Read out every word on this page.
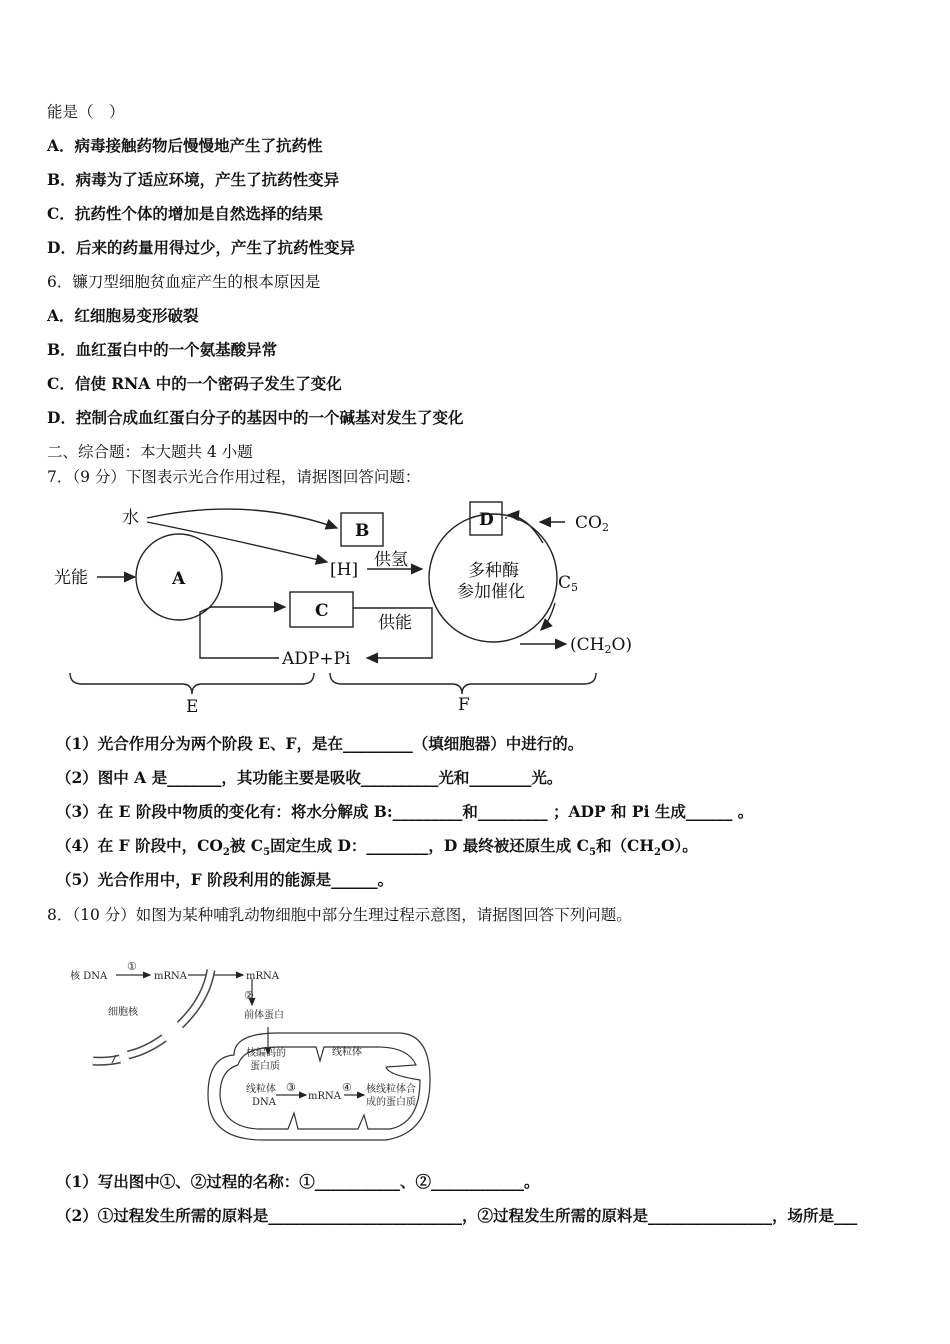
能是（　）
A．病毒接触药物后慢慢地产生了抗药性
B．病毒为了适应环境，产生了抗药性变异
C．抗药性个体的增加是自然选择的结果
D．后来的药量用得过少，产生了抗药性变异
6．镰刀型细胞贫血症产生的根本原因是
A．红细胞易变形破裂
B．血红蛋白中的一个氨基酸异常
C．信使 RNA 中的一个密码子发生了变化
D．控制合成血红蛋白分子的基因中的一个碱基对发生了变化
二、综合题：本大题共 4 小题
7．（9 分）下图表示光合作用过程，请据图回答问题：
水
光能	A
B
C
D
[H] 供氢
供能
ADP+Pi
多种酶
参加催化
CO2
C5
(CH2O)
E	F
（1）光合作用分为两个阶段 E、F，是在_________（填细胞器）中进行的。
（2）图中 A 是_______，其功能主要是吸收__________光和________光。
（3）在 E 阶段中物质的变化有：将水分解成 B:_________和_________ ；ADP 和 Pi 生成______ 。
（4）在 F 阶段中，$CO_2$被 $C_5$固定生成 D：________，D 最终被还原生成 $C_5$和$(CH_2O)$。
（5）光合作用中，F 阶段利用的能源是______。
8．（10 分）如图为某种哺乳动物细胞中部分生理过程示意图，请据图回答下列问题。
核 DNA
①
mRNA	mRNA
②
细胞核	前体蛋白
线粒体
核编码的
蛋白质
线粒体
DNA
③
mRNA
④ 核线粒体合
成的蛋白质
（1）写出图中①、②过程的名称：①___________、②____________。
（2）①过程发生所需的原料是_________________________，②过程发生所需的原料是________________，场所是___
